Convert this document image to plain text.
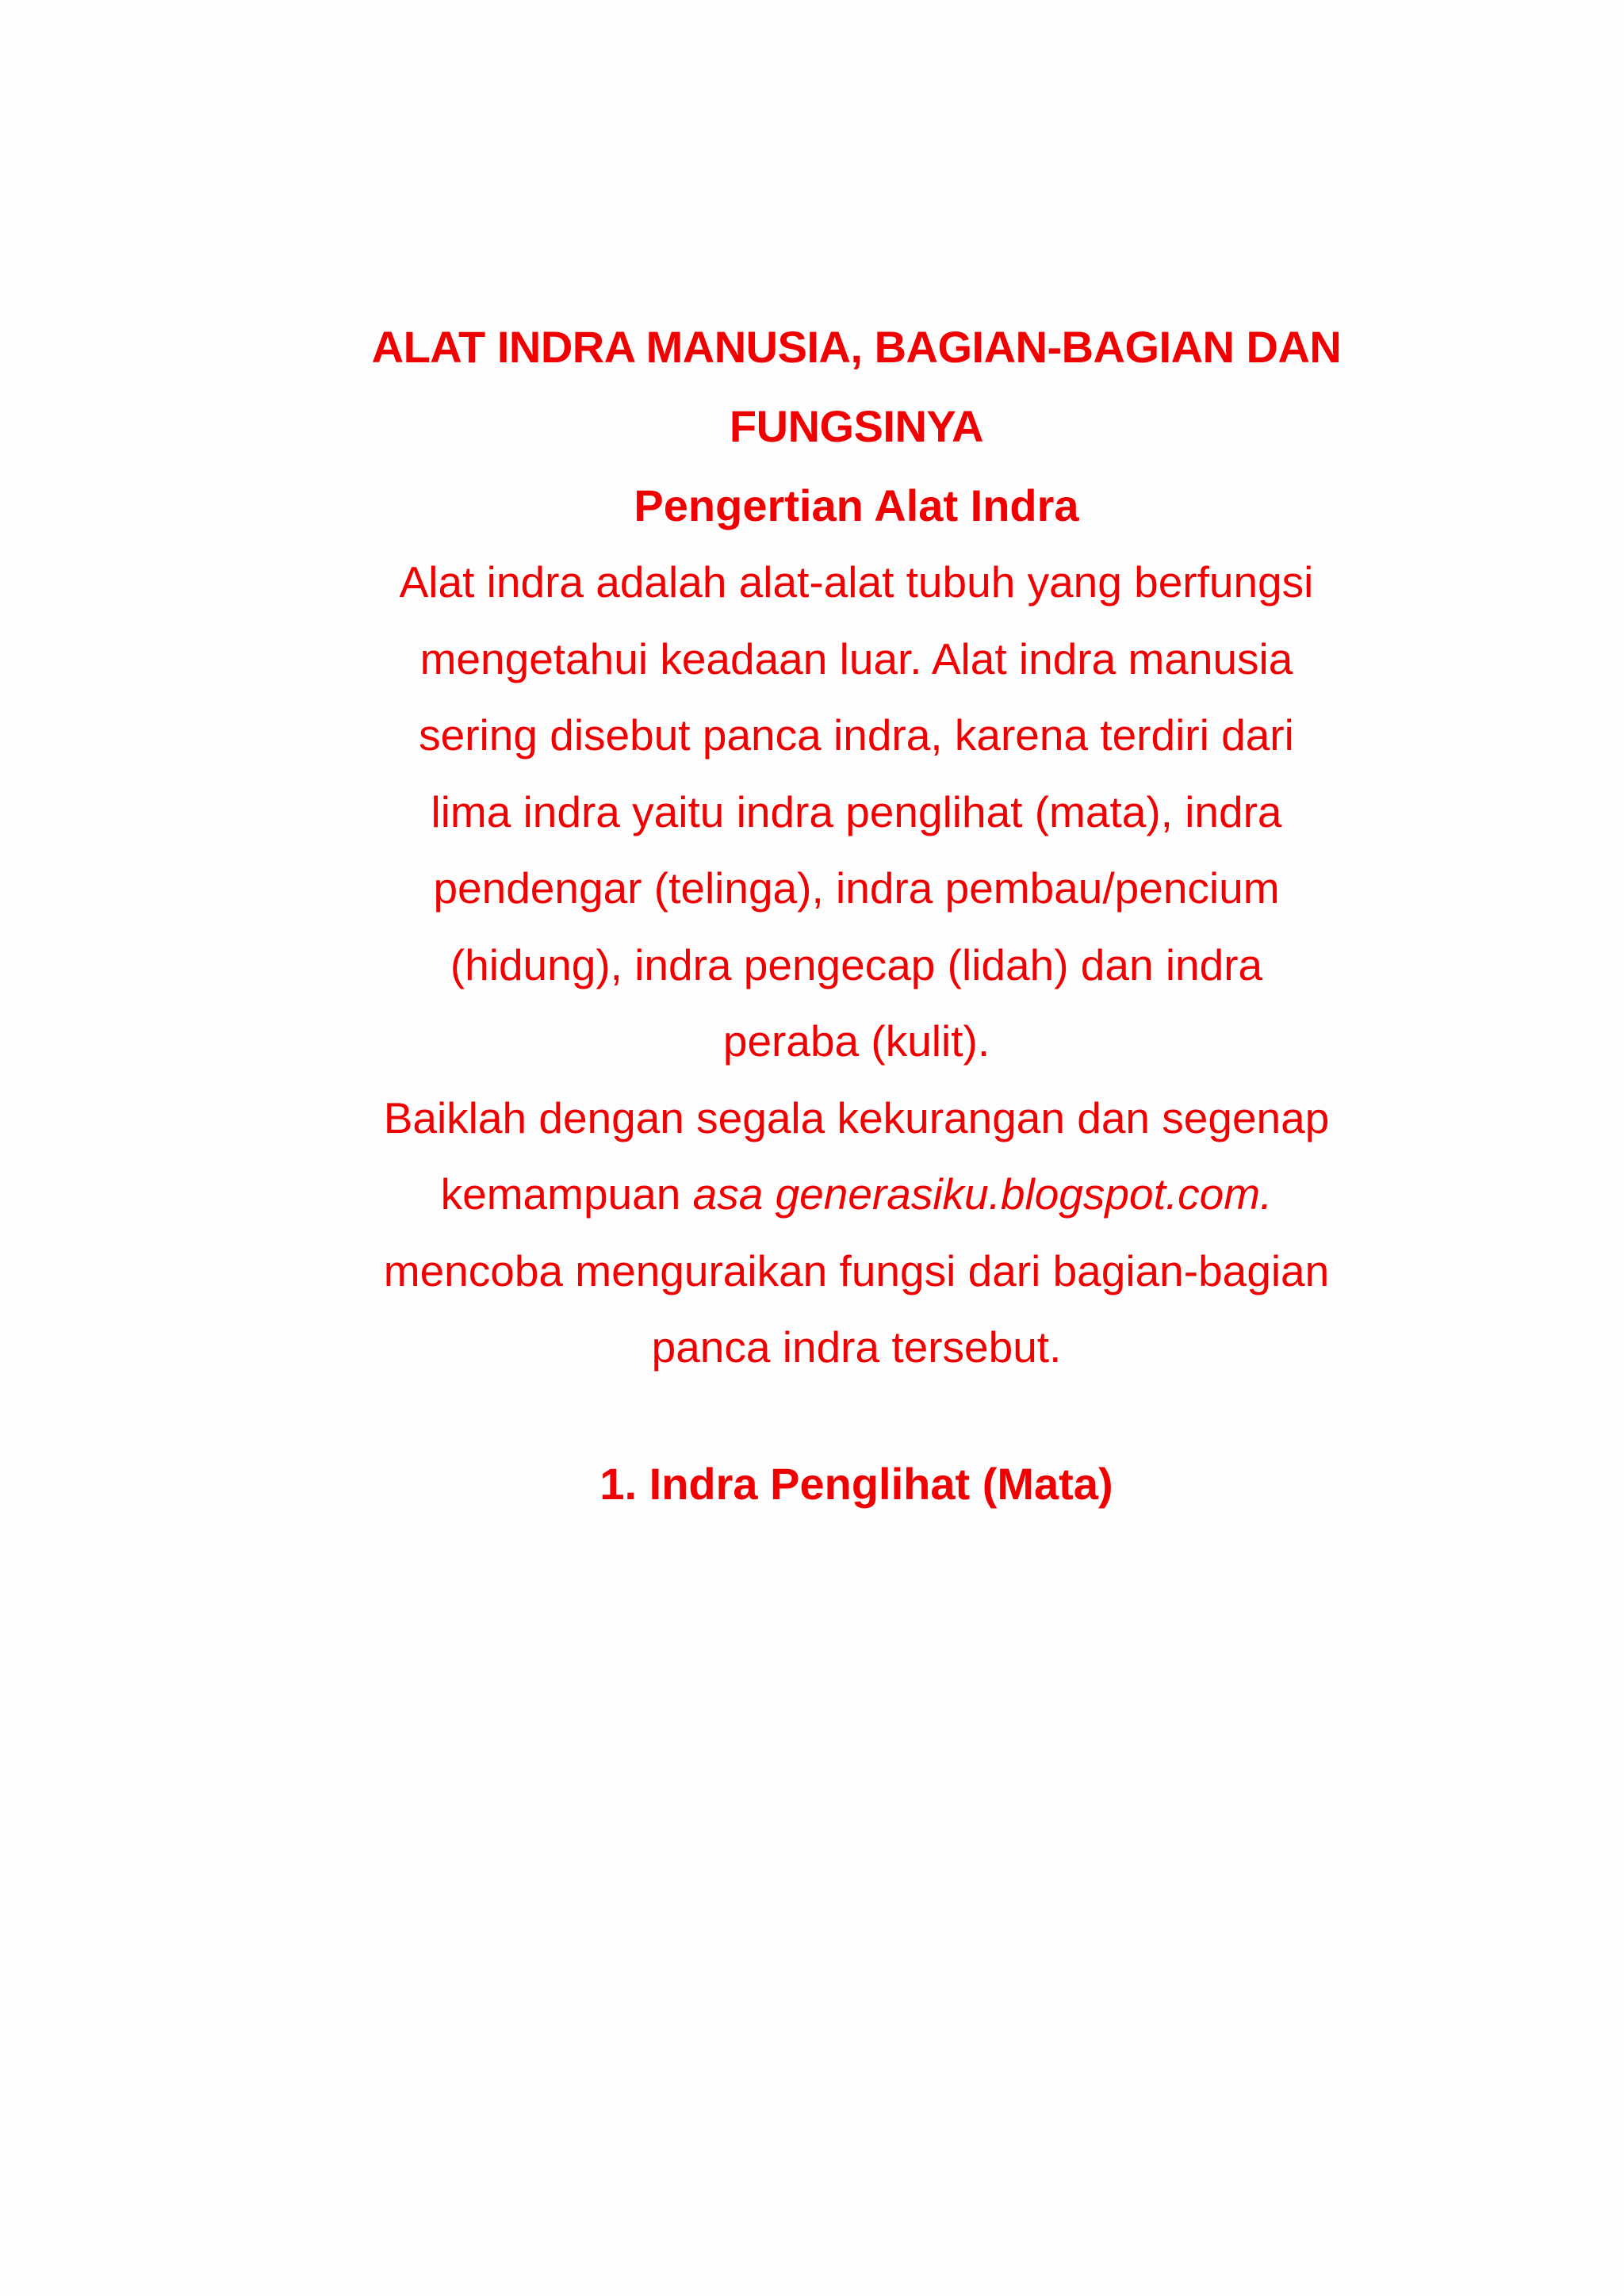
ALAT INDRA MANUSIA, BAGIAN-BAGIAN DAN
FUNGSINYA

Pengertian Alat Indra

Alat indra adalah alat-alat tubuh yang berfungsi
mengetahui keadaan luar. Alat indra manusia
sering disebut panca indra, karena terdiri dari
lima indra yaitu indra penglihat (mata), indra
pendengar (telinga), indra pembau/pencium
(hidung), indra pengecap (lidah) dan indra
peraba (kulit).

Baiklah dengan segala kekurangan dan segenap
kemampuan asa generasiku.blogspot.com.
mencoba menguraikan fungsi dari bagian-bagian
panca indra tersebut.

1. Indra Penglihat (Mata)
